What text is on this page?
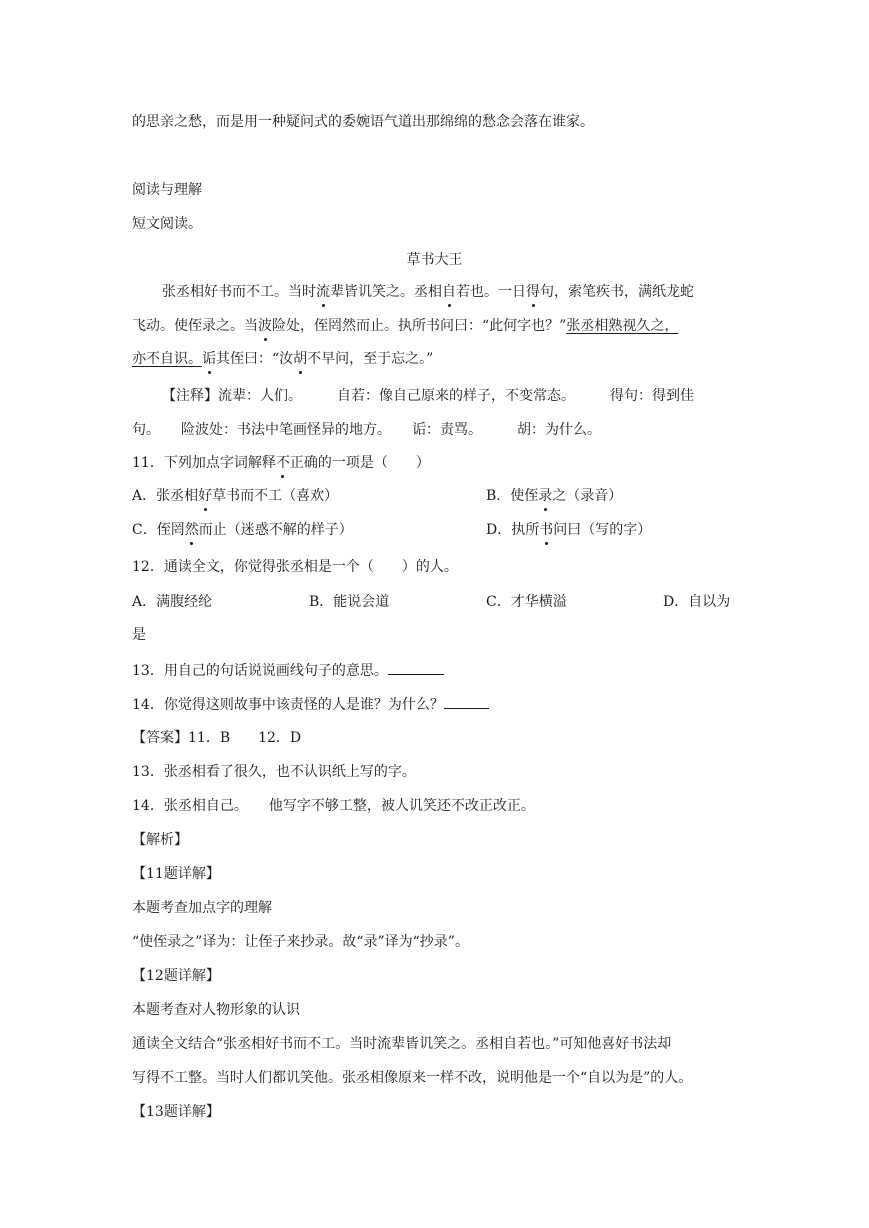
的思亲之愁，而是用一种疑问式的委婉语气道出那绵绵的愁念会落在谁家。
阅读与理解
短文阅读。
草书大王
张丞相好书而不工。当时流辈皆讥笑之。丞相自若也。一日得句，索笔疾书，满纸龙蛇
飞动。使侄录之。当波险处，侄罔然而止。执所书问曰：“此何字也？”张丞相熟视久之，
亦不自识。诟其侄曰：“汝胡不早问，至于忘之。”
【注释】流辈：人们。　　　自若：像自己原来的样子，不变常态。　　　得句：得到佳
句。　　险波处：书法中笔画怪异的地方。　　诟：责骂。　　　胡：为什么。
11．下列加点字词解释不正确的一项是（　　）
A．张丞相好草书而不工（喜欢）	B．使侄录之（录音）
C．侄罔然而止（迷惑不解的样子）	D．执所书问曰（写的字）
12．通读全文，你觉得张丞相是一个（　　）的人。
A．满腹经纶	B．能说会道	C．才华横溢	D．自以为
是
13．用自己的句话说说画线句子的意思。
14．你觉得这则故事中该责怪的人是谁？为什么？
【答案】11．B　　12．D
13．张丞相看了很久，也不认识纸上写的字。
14．张丞相自己。　　他写字不够工整，被人讥笑还不改正改正。
【解析】
【11题详解】
本题考查加点字的理解
“使侄录之”译为：让侄子来抄录。故“录”译为“抄录”。
【12题详解】
本题考查对人物形象的认识
通读全文结合“张丞相好书而不工。当时流辈皆讥笑之。丞相自若也。”可知他喜好书法却
写得不工整。当时人们都讥笑他。张丞相像原来一样不改，说明他是一个“自以为是”的人。
【13题详解】
